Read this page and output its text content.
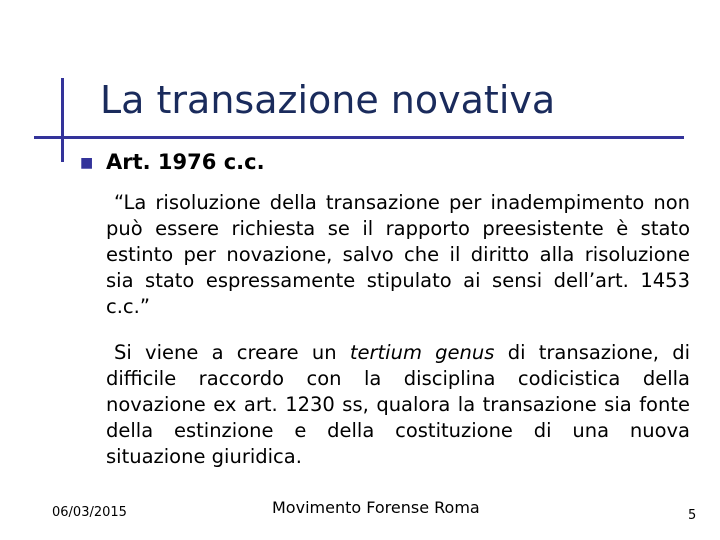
La transazione novativa
■ Art. 1976 c.c.

“La risoluzione della transazione per inadempimento non può essere richiesta se il rapporto preesistente è stato estinto per novazione, salvo che il diritto alla risoluzione sia stato espressamente stipulato ai sensi dell’art. 1453 c.c.”

Si viene a creare un tertium genus di transazione, di difficile raccordo con la disciplina codicistica della novazione ex art. 1230 ss, qualora la transazione sia fonte della estinzione e della costituzione di una nuova situazione giuridica.

06/03/2015	Movimento Forense Roma	5
